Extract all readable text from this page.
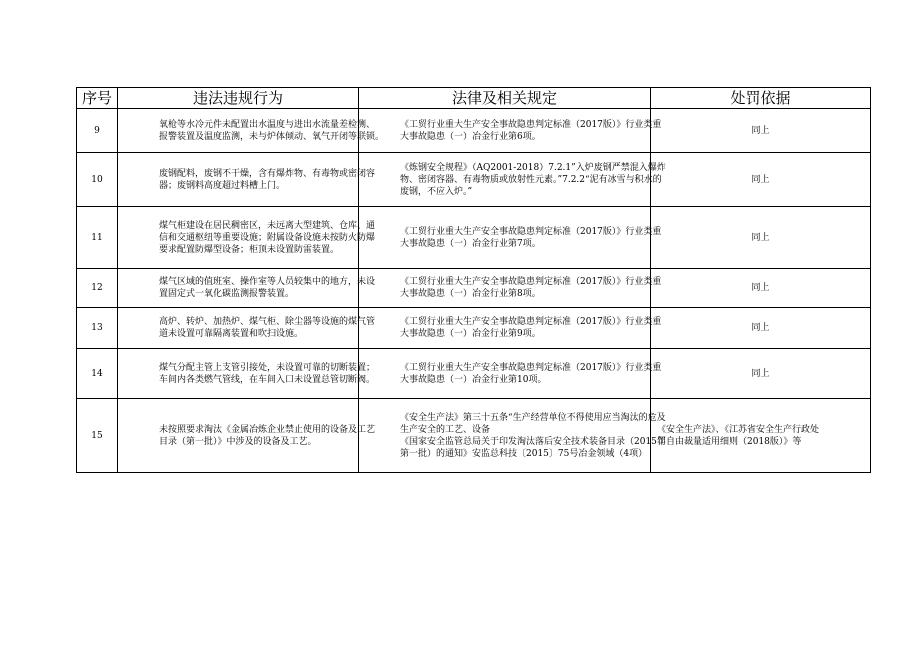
序号	违法违规行为	法律及相关规定	处罚依据
9	氧枪等水冷元件未配置出水温度与进出水流量差检测、
报警装置及温度监测，未与炉体倾动、氧气开闭等联锁。	《工贸行业重大生产安全事故隐患判定标准（2017版）》行业类重
大事故隐患（一）冶金行业第6项。	同上

10	废钢配料，废钢不干燥，含有爆炸物、有毒物或密闭容
器；废钢料高度超过料槽上门。	《炼钢安全规程》（AQ2001-2018）7.2.1”入炉废钢严禁混入爆炸
物、密闭容器、有毒物质或放射性元素。”7.2.2“泥有冰雪与积水的
废钢，不应入炉。”	同上

11	煤气柜建设在居民稠密区，未远离大型建筑、仓库、通
信和交通枢纽等重要设施；附属设备设施未按防火防爆
要求配置防爆型设备；柜顶未设置防雷装置。	《工贸行业重大生产安全事故隐患判定标准（2017版）》行业类重
大事故隐患（一）冶金行业第7项。	同上

12	煤气区域的值班室、操作室等人员较集中的地方，未设
置固定式一氧化碳监测报警装置。	《工贸行业重大生产安全事故隐患判定标准（2017版）》行业类重
大事故隐患（一）冶金行业第8项。	同上

13	高炉、转炉、加热炉、煤气柜、除尘器等设施的煤气管
道未设置可靠隔离装置和吹扫设施。	《工贸行业重大生产安全事故隐患判定标准（2017版）》行业类重
大事故隐患（一）冶金行业第9项。	同上

14	煤气分配主管上支管引接处，未设置可靠的切断装置；
车间内各类燃气管线，在车间入口未设置总管切断阀。	《工贸行业重大生产安全事故隐患判定标准（2017版）》行业类重
大事故隐患（一）冶金行业第10项。	同上

15	未按照要求淘汰《金属冶炼企业禁止使用的设备及工艺
目录（第一批）》中涉及的设备及工艺。	《安全生产法》第三十五条“生产经营单位不得使用应当淘汰的危及
生产安全的工艺、设备
《国家安全监管总局关于印发淘汰落后安全技术装备目录（2015年
第一批）的通知》安监总科技〔2015〕75号冶金领域（4项）	《安全生产法》、《江苏省安全生产行政处
罚自由裁量适用细则（2018版）》等
